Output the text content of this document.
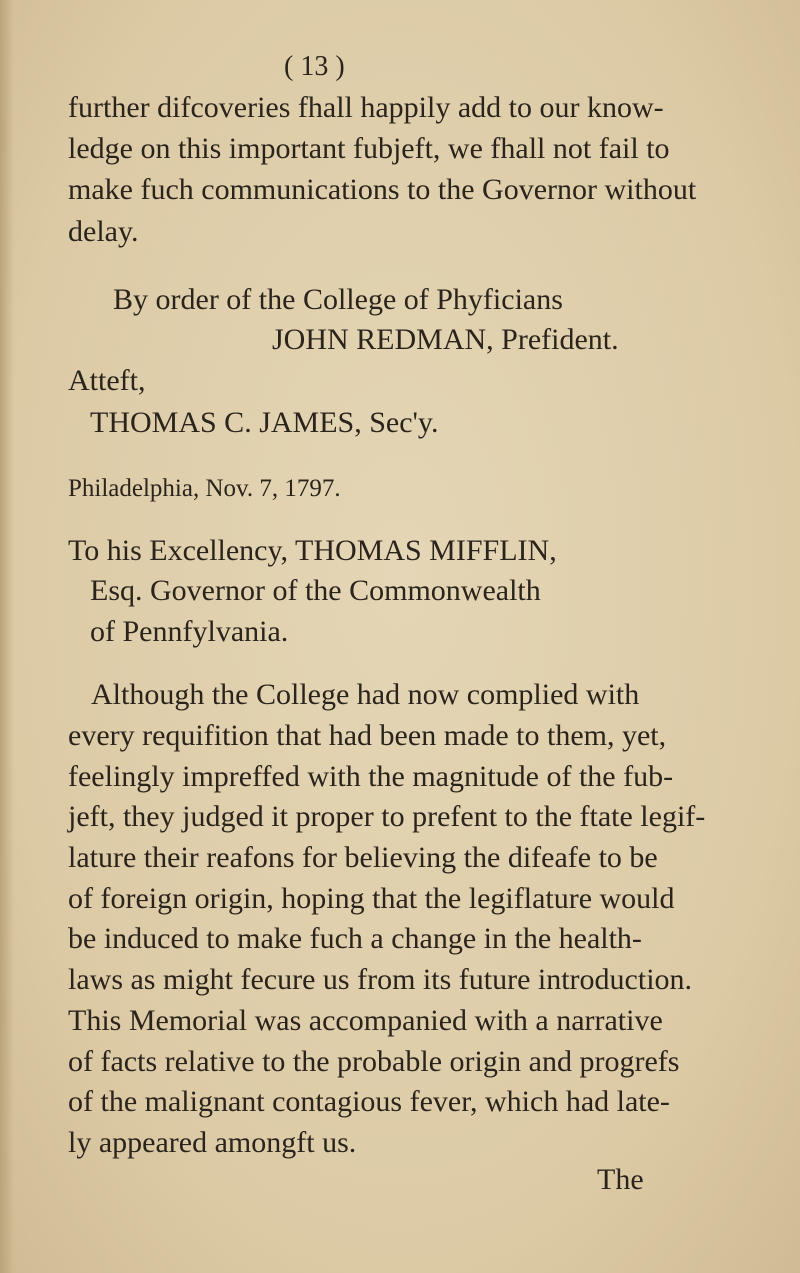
( 13 )
further difcoveries fhall happily add to our know-
ledge on this important fubjeft, we fhall not fail to
make fuch communications to the Governor without
delay.
By order of the College of Phyficians
JOHN REDMAN, Prefident.
Atteft,
THOMAS C. JAMES, Sec'y.
Philadelphia, Nov. 7, 1797.
To his Excellency, THOMAS MIFFLIN,
Esq. Governor of the Commonwealth
of Pennfylvania.
Although the College had now complied with
every requifition that had been made to them, yet,
feelingly impreffed with the magnitude of the fub-
jeft, they judged it proper to prefent to the ftate legif-
lature their reafons for believing the difeafe to be
of foreign origin, hoping that the legiflature would
be induced to make fuch a change in the health-
laws as might fecure us from its future introduction.
This Memorial was accompanied with a narrative
of facts relative to the probable origin and progrefs
of the malignant contagious fever, which had late-
ly appeared amongft us.
The
